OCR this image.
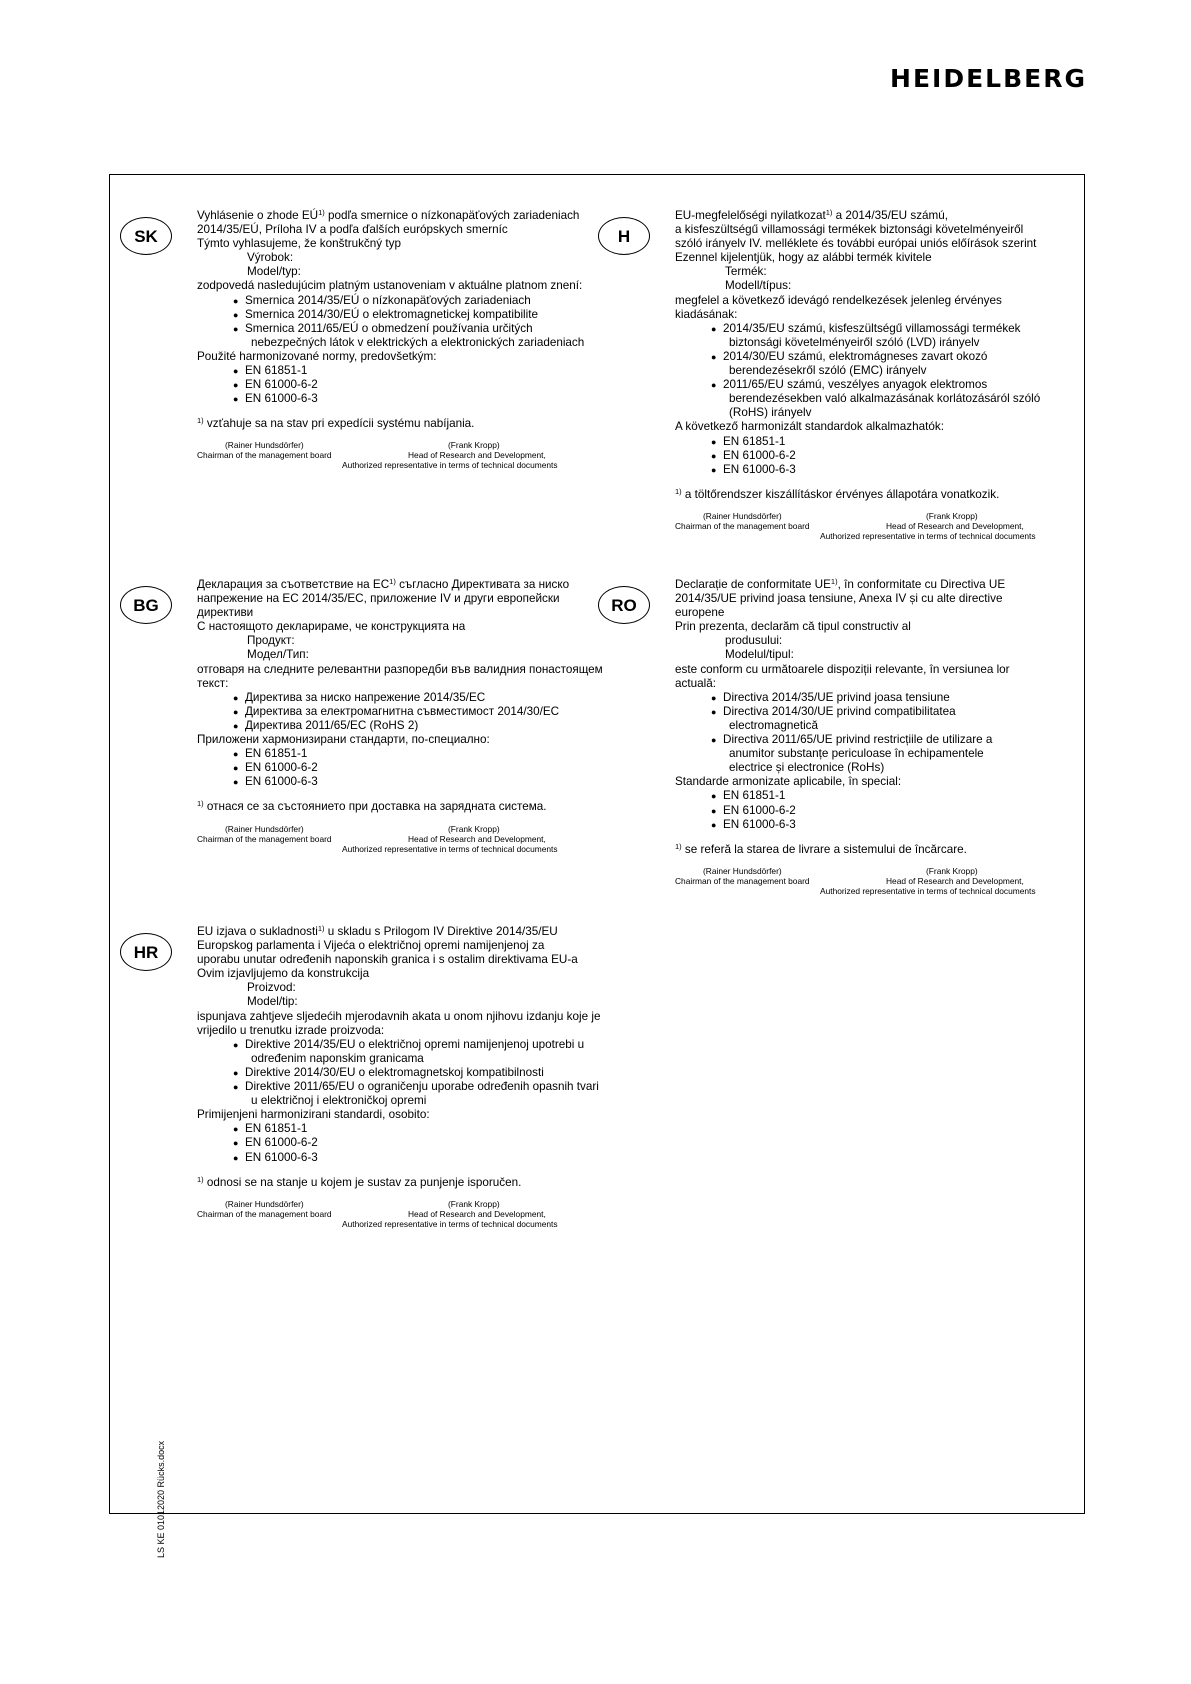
HEIDELBERG
SK
Vyhlásenie o zhode EÚ$^{1)}$ podľa smernice o nízkonapäťových zariadeniach
2014/35/EÚ, Príloha IV a podľa ďalších európskych smerníc
Týmto vyhlasujeme, že konštrukčný typ
Výrobok:
Model/typ:
zodpovedá nasledujúcim platným ustanoveniam v aktuálne platnom znení:
● Smernica 2014/35/EÚ o nízkonapäťových zariadeniach
● Smernica 2014/30/EÚ o elektromagnetickej kompatibilite
● Smernica 2011/65/EÚ o obmedzení používania určitých
nebezpečných látok v elektrických a elektronických zariadeniach
Použité harmonizované normy, predovšetkým:
● EN 61851-1
● EN 61000-6-2
● EN 61000-6-3
$^{1)}$ vzťahuje sa na stav pri expedícii systému nabíjania.
(Rainer Hundsdörfer)	(Frank Kropp)
Chairman of the management board	Head of Research and Development,
Authorized representative in terms of technical documents
H
EU-megfelelőségi nyilatkozat$^{1)}$ a 2014/35/EU számú,
a kisfeszültségű villamossági termékek biztonsági követelményeiről
szóló irányelv IV. melléklete és további európai uniós előírások szerint
Ezennel kijelentjük, hogy az alábbi termék kivitele
Termék:
Modell/típus:
megfelel a következő idevágó rendelkezések jelenleg érvényes
kiadásának:
● 2014/35/EU számú, kisfeszültségű villamossági termékek
biztonsági követelményeiről szóló (LVD) irányelv
● 2014/30/EU számú, elektromágneses zavart okozó
berendezésekről szóló (EMC) irányelv
● 2011/65/EU számú, veszélyes anyagok elektromos
berendezésekben való alkalmazásának korlátozásáról szóló
(RoHS) irányelv
A következő harmonizált standardok alkalmazhatók:
● EN 61851-1
● EN 61000-6-2
● EN 61000-6-3
$^{1)}$ a töltőrendszer kiszállításkor érvényes állapotára vonatkozik.
(Rainer Hundsdörfer)	(Frank Kropp)
Chairman of the management board	Head of Research and Development,
Authorized representative in terms of technical documents
BG
Декларация за съответствие на ЕС$^{1)}$ съгласно Директивата за ниско
напрежение на ЕС 2014/35/ЕС, приложение IV и други европейски
директиви
С настоящото декларираме, че конструкцията на
Продукт:
Модел/Тип:
отговаря на следните релевантни разпоредби във валидния понастоящем
текст:
● Директива за ниско напрежение 2014/35/ЕС
● Директива за електромагнитна съвместимост 2014/30/ЕС
● Директива 2011/65/ЕС (RoHS 2)
Приложени хармонизирани стандарти, по-специално:
● EN 61851-1
● EN 61000-6-2
● EN 61000-6-3
$^{1)}$ отнася се за състоянието при доставка на зарядната система.
(Rainer Hundsdörfer)	(Frank Kropp)
Chairman of the management board	Head of Research and Development,
Authorized representative in terms of technical documents
RO
Declarație de conformitate UE$^{1)}$, în conformitate cu Directiva UE
2014/35/UE privind joasa tensiune, Anexa IV și cu alte directive
europene
Prin prezenta, declarăm că tipul constructiv al
produsului:
Modelul/tipul:
este conform cu următoarele dispoziții relevante, în versiunea lor
actuală:
● Directiva 2014/35/UE privind joasa tensiune
● Directiva 2014/30/UE privind compatibilitatea
electromagnetică
● Directiva 2011/65/UE privind restricțiile de utilizare a
anumitor substanțe periculoase în echipamentele
electrice și electronice (RoHs)
Standarde armonizate aplicabile, în special:
● EN 61851-1
● EN 61000-6-2
● EN 61000-6-3
$^{1)}$ se referă la starea de livrare a sistemului de încărcare.
(Rainer Hundsdörfer)	(Frank Kropp)
Chairman of the management board	Head of Research and Development,
Authorized representative in terms of technical documents
HR
EU izjava o sukladnosti$^{1)}$ u skladu s Prilogom IV Direktive 2014/35/EU
Europskog parlamenta i Vijeća o električnoj opremi namijenjenoj za
uporabu unutar određenih naponskih granica i s ostalim direktivama EU-a
Ovim izjavljujemo da konstrukcija
Proizvod:
Model/tip:
ispunjava zahtjeve sljedećih mjerodavnih akata u onom njihovu izdanju koje je
vrijedilo u trenutku izrade proizvoda:
● Direktive 2014/35/EU o električnoj opremi namijenjenoj upotrebi u
određenim naponskim granicama
● Direktive 2014/30/EU o elektromagnetskoj kompatibilnosti
● Direktive 2011/65/EU o ograničenju uporabe određenih opasnih tvari
u električnoj i elektroničkoj opremi
Primijenjeni harmonizirani standardi, osobito:
● EN 61851-1
● EN 61000-6-2
● EN 61000-6-3
$^{1)}$ odnosi se na stanje u kojem je sustav za punjenje isporučen.
(Rainer Hundsdörfer)	(Frank Kropp)
Chairman of the management board	Head of Research and Development,
Authorized representative in terms of technical documents
LS KE 01012020 Rücks.docx
